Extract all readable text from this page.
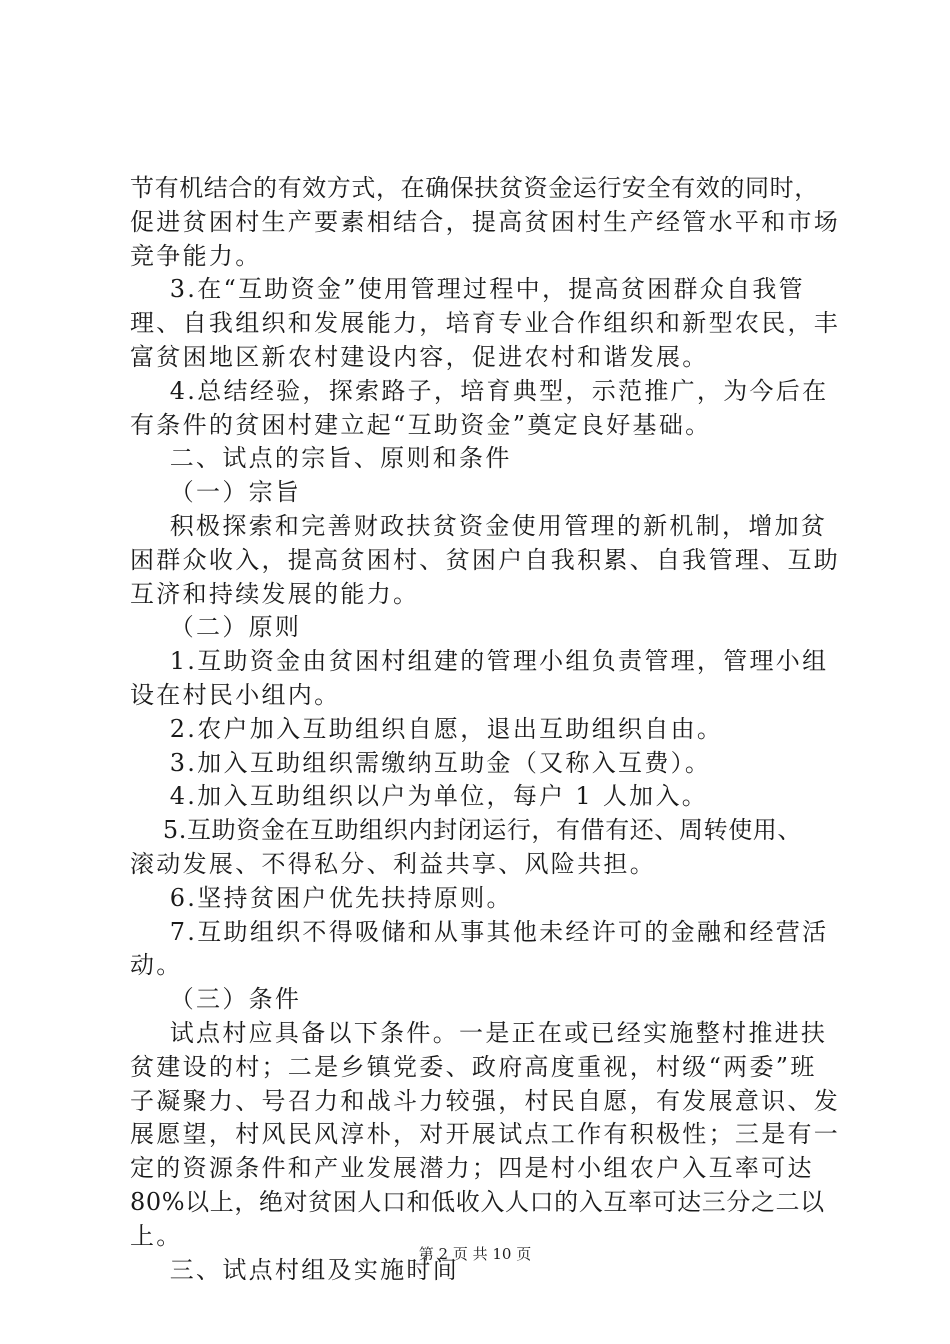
节有机结合的有效方式，在确保扶贫资金运行安全有效的同时，
促进贫困村生产要素相结合，提高贫困村生产经管水平和市场
竞争能力。
3.在“互助资金”使用管理过程中，提高贫困群众自我管
理、自我组织和发展能力，培育专业合作组织和新型农民，丰
富贫困地区新农村建设内容，促进农村和谐发展。
4.总结经验，探索路子，培育典型，示范推广，为今后在
有条件的贫困村建立起“互助资金”奠定良好基础。
二、试点的宗旨、原则和条件
（一）宗旨
积极探索和完善财政扶贫资金使用管理的新机制，增加贫
困群众收入，提高贫困村、贫困户自我积累、自我管理、互助
互济和持续发展的能力。
（二）原则
1.互助资金由贫困村组建的管理小组负责管理，管理小组
设在村民小组内。
2.农户加入互助组织自愿，退出互助组织自由。
3.加入互助组织需缴纳互助金（又称入互费）。
4.加入互助组织以户为单位，每户 1 人加入。
5.互助资金在互助组织内封闭运行，有借有还、周转使用、
滚动发展、不得私分、利益共享、风险共担。
6.坚持贫困户优先扶持原则。
7.互助组织不得吸储和从事其他未经许可的金融和经营活
动。
（三）条件
试点村应具备以下条件。一是正在或已经实施整村推进扶
贫建设的村；二是乡镇党委、政府高度重视，村级“两委”班
子凝聚力、号召力和战斗力较强，村民自愿，有发展意识、发
展愿望，村风民风淳朴，对开展试点工作有积极性；三是有一
定的资源条件和产业发展潜力；四是村小组农户入互率可达
80%以上，绝对贫困人口和低收入人口的入互率可达三分之二以
上。
三、试点村组及实施时间
第 2 页 共 10 页
